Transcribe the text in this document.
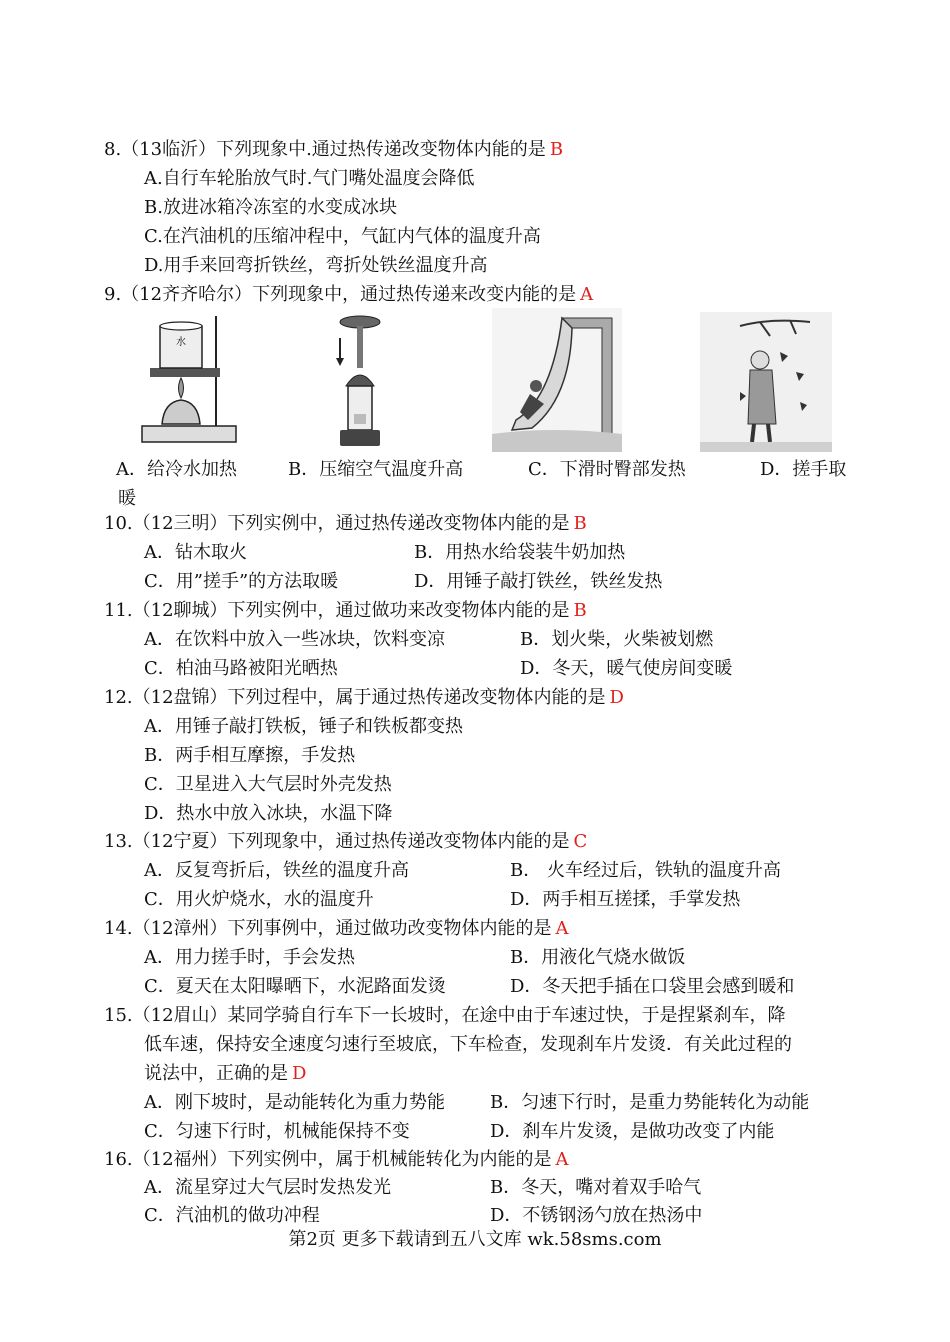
8.（13临沂）下列现象中.通过热传递改变物体内能的是 B
A.自行车轮胎放气时.气门嘴处温度会降低
B.放进冰箱冷冻室的水变成冰块
C.在汽油机的压缩冲程中，气缸内气体的温度升高
D.用手来回弯折铁丝，弯折处铁丝温度升高
9.（12齐齐哈尔）下列现象中，通过热传递来改变内能的是 A
水
A．给冷水加热	B．压缩空气温度升高	C．下滑时臀部发热	D．搓手取
暖
10.（12三明）下列实例中，通过热传递改变物体内能的是 B
A．钻木取火	B．用热水给袋装牛奶加热
C．用”搓手”的方法取暖	D．用锤子敲打铁丝，铁丝发热
11.（12聊城）下列实例中，通过做功来改变物体内能的是 B
A．在饮料中放入一些冰块，饮料变凉	B．划火柴，火柴被划燃
C．柏油马路被阳光晒热	D．冬天，暖气使房间变暖
12.（12盘锦）下列过程中，属于通过热传递改变物体内能的是 D
A．用锤子敲打铁板，锤子和铁板都变热
B．两手相互摩擦，手发热
C．卫星进入大气层时外壳发热
D．热水中放入冰块，水温下降
13.（12宁夏）下列现象中，通过热传递改变物体内能的是 C
A．反复弯折后，铁丝的温度升高	B． 火车经过后，铁轨的温度升高
C．用火炉烧水，水的温度升	D．两手相互搓揉，手掌发热
14.（12漳州）下列事例中，通过做功改变物体内能的是 A
A．用力搓手时，手会发热	B．用液化气烧水做饭
C．夏天在太阳曝晒下，水泥路面发烫	D．冬天把手插在口袋里会感到暖和
15.（12眉山）某同学骑自行车下一长坡时，在途中由于车速过快，于是捏紧刹车，降
低车速，保持安全速度匀速行至坡底，下车检查，发现刹车片发烫．有关此过程的
说法中，正确的是 D
A．刚下坡时，是动能转化为重力势能	B．匀速下行时，是重力势能转化为动能
C．匀速下行时，机械能保持不变	D．刹车片发烫，是做功改变了内能
16.（12福州）下列实例中，属于机械能转化为内能的是 A
A．流星穿过大气层时发热发光	B．冬天，嘴对着双手哈气
C．汽油机的做功冲程	D．不锈钢汤勺放在热汤中
第2页 更多下载请到五八文库 wk.58sms.com
